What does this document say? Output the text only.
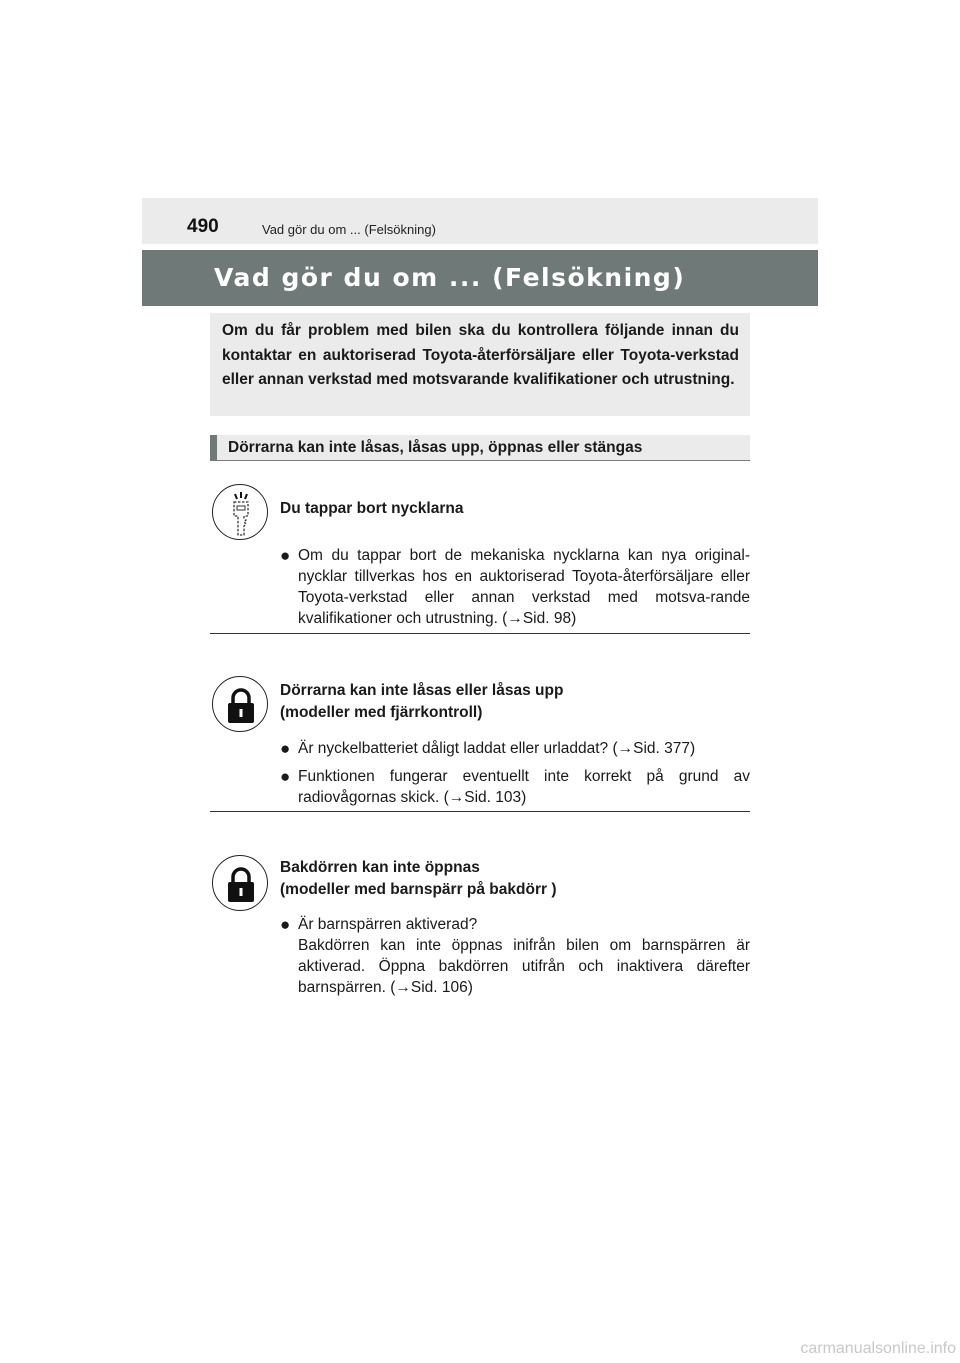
490	Vad gör du om ... (Felsökning)
Vad gör du om ... (Felsökning)

Om du får problem med bilen ska du kontrollera följande innan du kontaktar en auktoriserad Toyota-återförsäljare eller Toyota-verkstad eller annan verkstad med motsvarande kvalifikationer och utrustning.

Dörrarna kan inte låsas, låsas upp, öppnas eller stängas
Du tappar bort nycklarna
● Om du tappar bort de mekaniska nycklarna kan nya original-nycklar tillverkas hos en auktoriserad Toyota-återförsäljare eller Toyota-verkstad eller annan verkstad med motsva-rande kvalifikationer och utrustning. (→Sid. 98)
Dörrarna kan inte låsas eller låsas upp
(modeller med fjärrkontroll)
● Är nyckelbatteriet dåligt laddat eller urladdat? (→Sid. 377)
● Funktionen fungerar eventuellt inte korrekt på grund av radiovågornas skick. (→Sid. 103)
Bakdörren kan inte öppnas
(modeller med barnspärr på bakdörr )
● Är barnspärren aktiverad?
Bakdörren kan inte öppnas inifrån bilen om barnspärren är aktiverad. Öppna bakdörren utifrån och inaktivera därefter barnspärren. (→Sid. 106)
carmanualsonline.info
